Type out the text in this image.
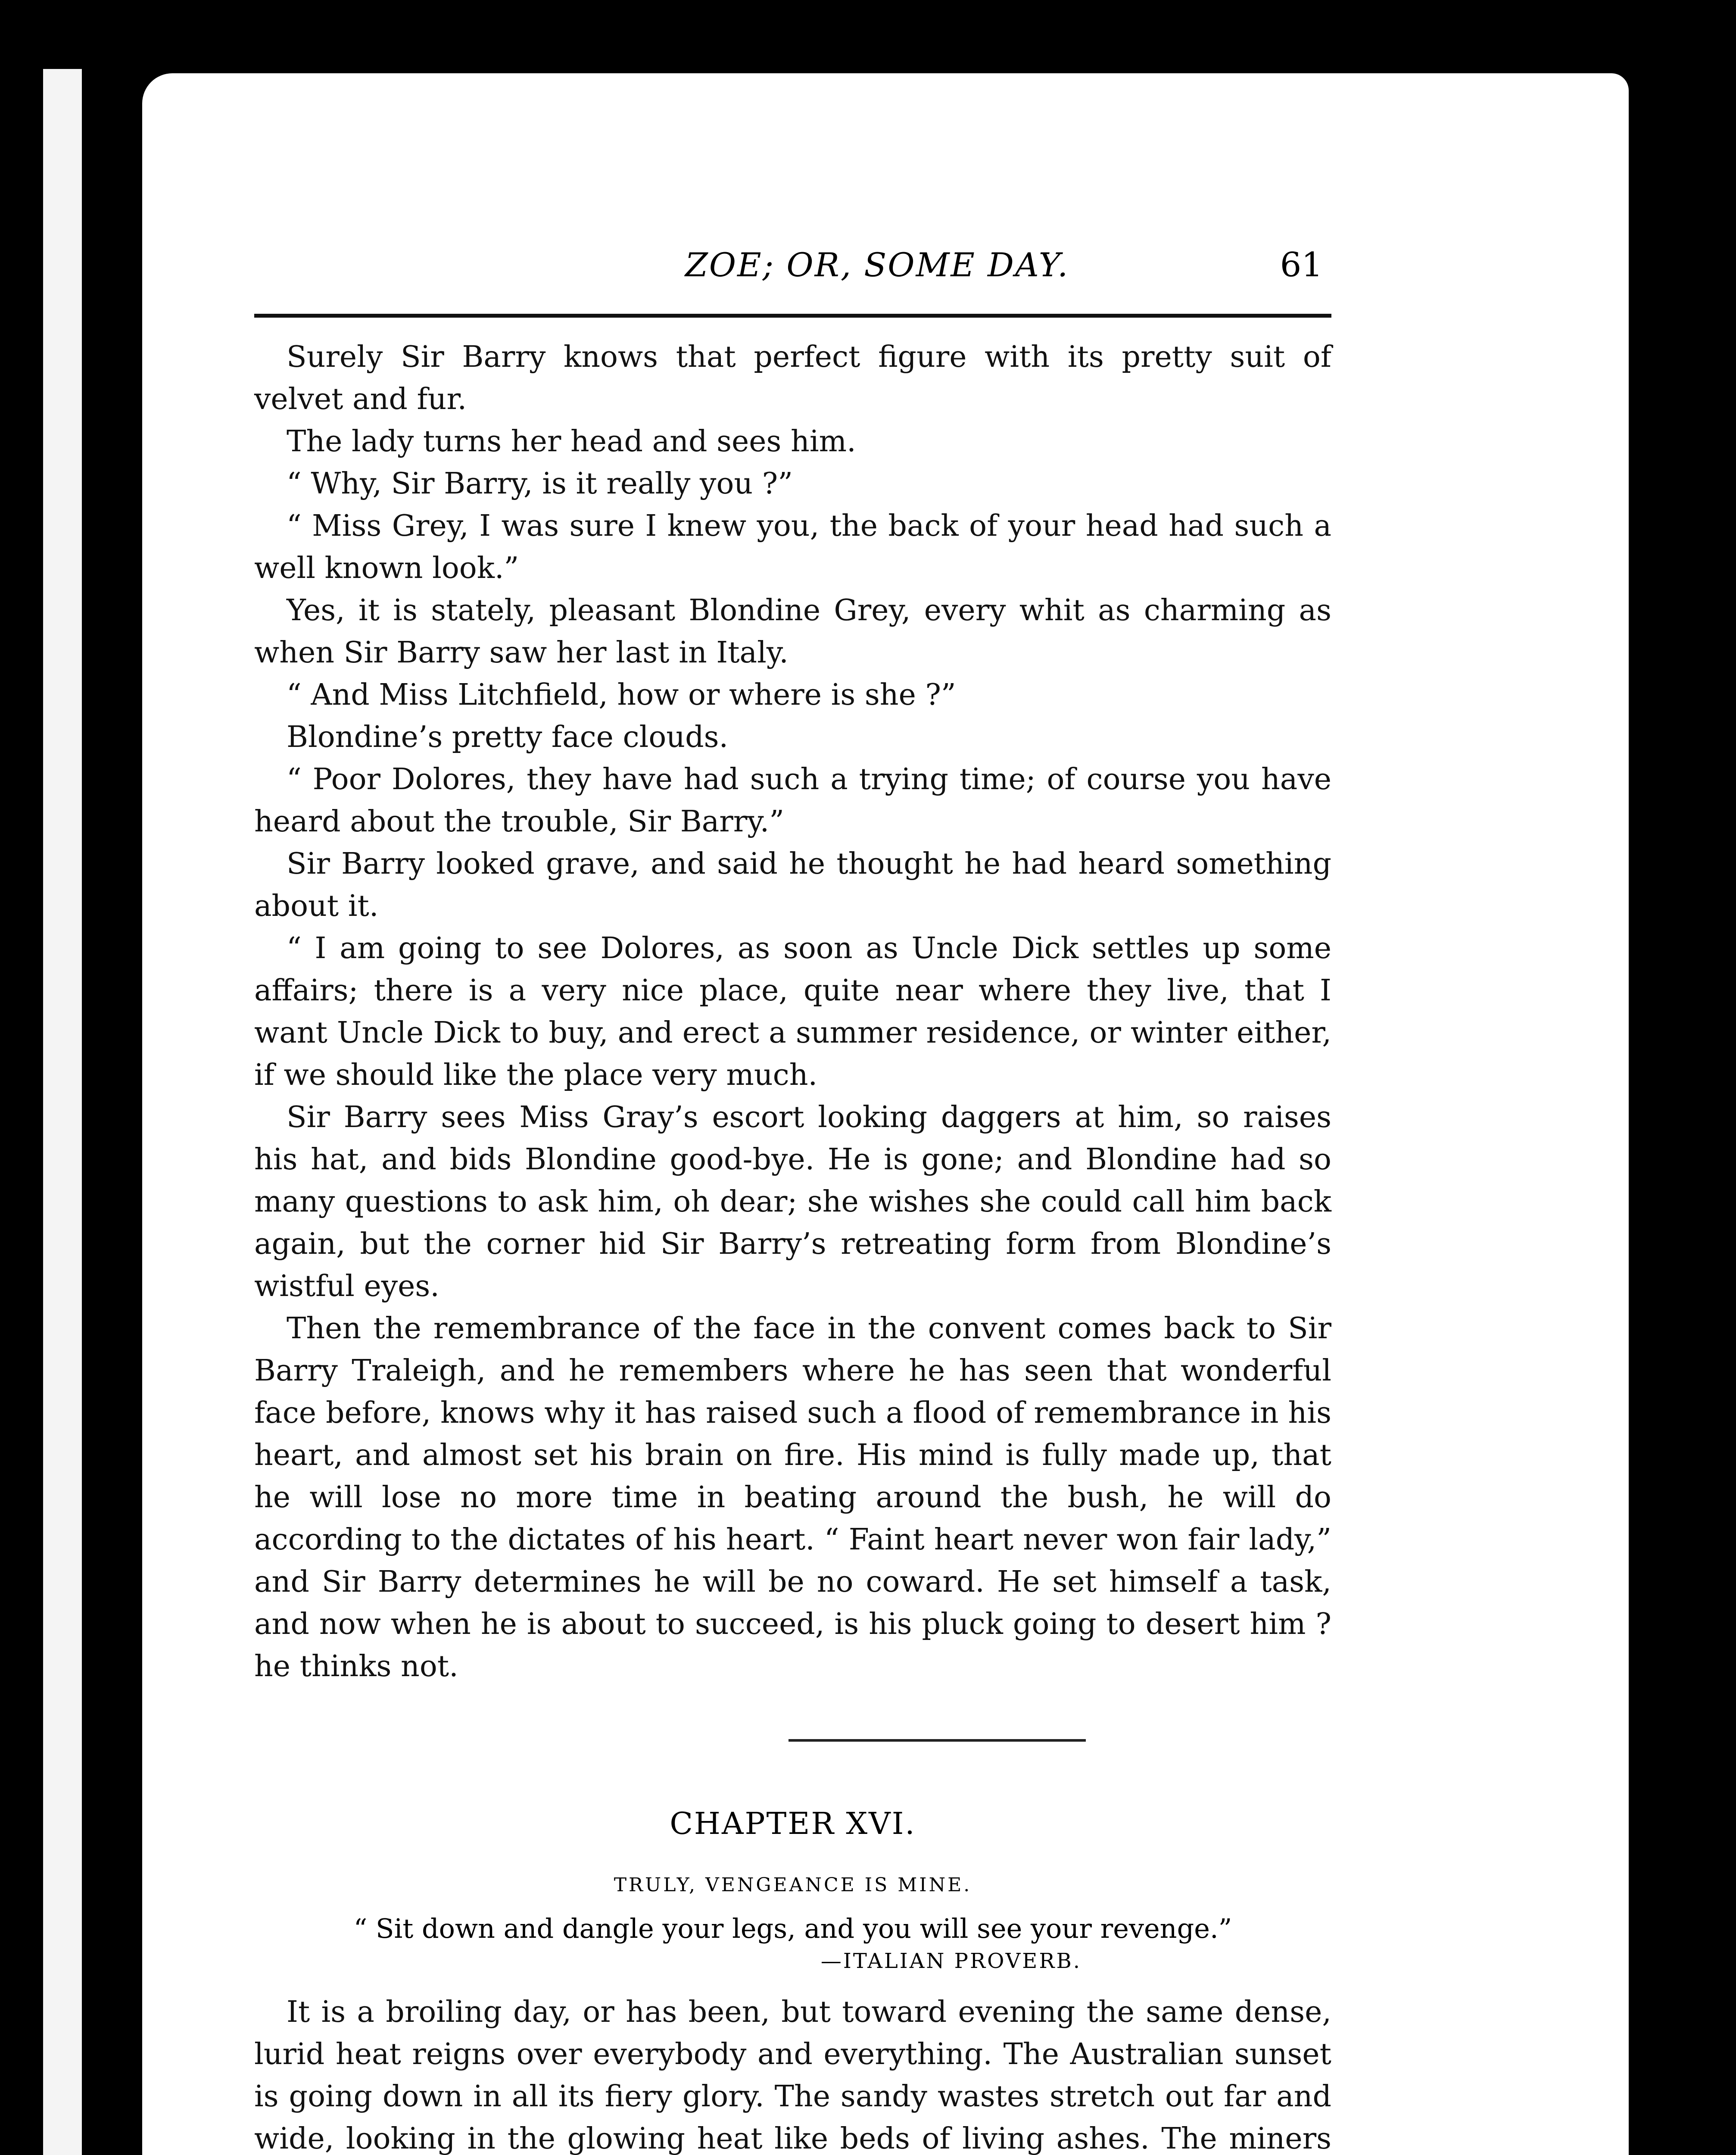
ZOE; OR, SOME DAY.	61

Surely Sir Barry knows that perfect figure with its pretty suit of velvet and fur.

The lady turns her head and sees him.

“ Why, Sir Barry, is it really you ?”

“ Miss Grey, I was sure I knew you, the back of your head had such a well known look.”

Yes, it is stately, pleasant Blondine Grey, every whit as charming as when Sir Barry saw her last in Italy.

“ And Miss Litchfield, how or where is she ?”

Blondine’s pretty face clouds.

“ Poor Dolores, they have had such a trying time; of course you have heard about the trouble, Sir Barry.”

Sir Barry looked grave, and said he thought he had heard something about it.

“ I am going to see Dolores, as soon as Uncle Dick settles up some affairs; there is a very nice place, quite near where they live, that I want Uncle Dick to buy, and erect a summer residence, or winter either, if we should like the place very much.

Sir Barry sees Miss Gray’s escort looking daggers at him, so raises his hat, and bids Blondine good-bye. He is gone; and Blondine had so many questions to ask him, oh dear; she wishes she could call him back again, but the corner hid Sir Barry’s retreating form from Blondine’s wistful eyes.

Then the remembrance of the face in the convent comes back to Sir Barry Traleigh, and he remembers where he has seen that wonderful face before, knows why it has raised such a flood of remembrance in his heart, and almost set his brain on fire. His mind is fully made up, that he will lose no more time in beating around the bush, he will do according to the dictates of his heart. “ Faint heart never won fair lady,” and Sir Barry determines he will be no coward. He set himself a task, and now when he is about to succeed, is his pluck going to desert him ? he thinks not.

CHAPTER XVI.
TRULY, VENGEANCE IS MINE.
“ Sit down and dangle your legs, and you will see your revenge.”
—ITALIAN PROVERB.

It is a broiling day, or has been, but toward evening the same dense, lurid heat reigns over everybody and everything. The Australian sunset is going down in all its fiery glory. The sandy wastes stretch out far and wide, looking in the glowing heat like beds of living ashes. The miners
